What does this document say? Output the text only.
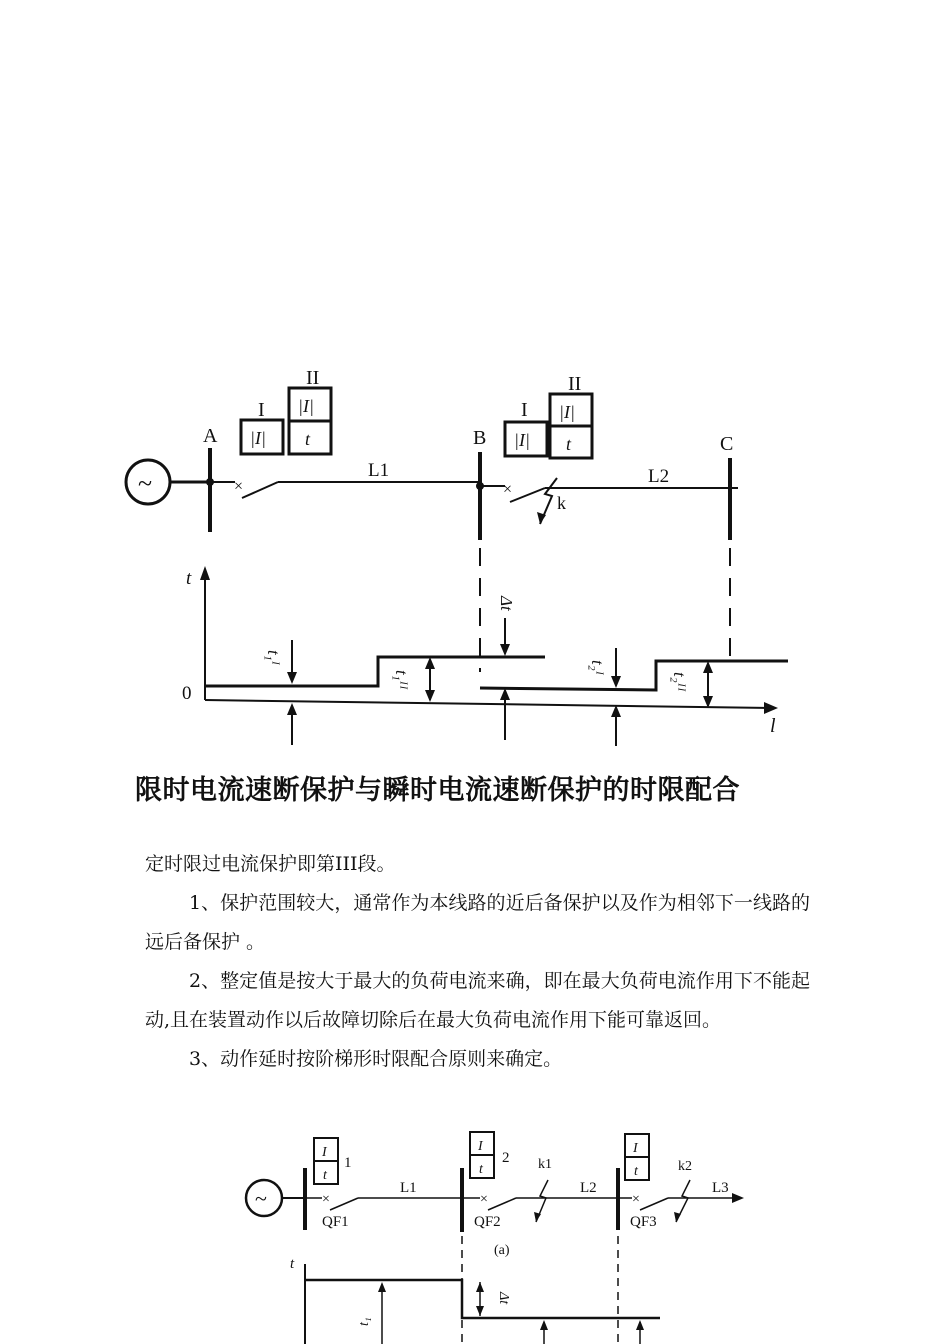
~
A
×
L1
I
|I|
II
|I|
t	B
×
L2
k
I
|I|
II
|I|
t	C
t
l
0
t₁ᴵ
t₁ᴵᴵ
Δt
t₂ᴵ
t₂ᴵᴵ
限时电流速断保护与瞬时电流速断保护的时限配合

定时限过电流保护即第III段。

1、保护范围较大，通常作为本线路的近后备保护以及作为相邻下一线路的远后备保护 。

2、整定值是按大于最大的负荷电流来确，即在最大负荷电流作用下不能起动,且在装置动作以后故障切除后在最大负荷电流作用下能可靠返回。

3、动作延时按阶梯形时限配合原则来确定。

~	×
QF1
L1
I
t
1
×
QF2
L2
(a)
I
t
2 k1
×
QF3
L3
I
t	k2
t
t₁
Δt
